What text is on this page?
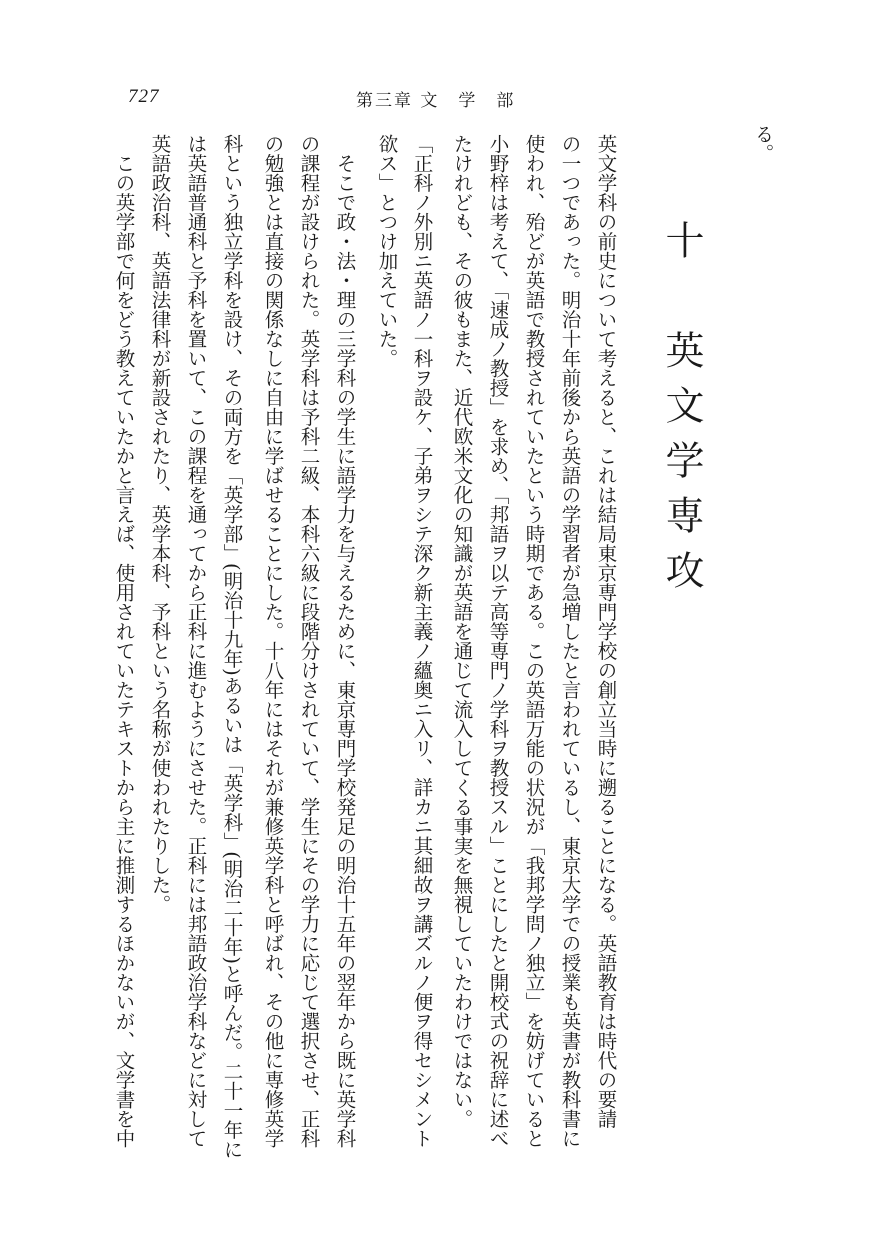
727	第三章 文　学　部
る。
十　英文学専攻
英文学科の前史について考えると、これは結局東京専門学校の創立当時に遡ることになる。英語教育は時代の要請
の一つであった。明治十年前後から英語の学習者が急増したと言われているし、東京大学での授業も英書が教科書に
使われ、殆どが英語で教授されていたという時期である。この英語万能の状況が「我邦学問ノ独立」を妨げていると
小野梓は考えて、「速成ノ教授」を求め、「邦語ヲ以テ高等専門ノ学科ヲ教授スル」ことにしたと開校式の祝辞に述べ
たけれども、その彼もまた、近代欧米文化の知識が英語を通じて流入してくる事実を無視していたわけではない。
「正科ノ外別ニ英語ノ一科ヲ設ケ、子弟ヲシテ深ク新主義ノ蘊奥ニ入リ、詳カニ其細故ヲ講ズルノ便ヲ得セシメント
欲ス」とつけ加えていた。
　そこで政・法・理の三学科の学生に語学力を与えるために、東京専門学校発足の明治十五年の翌年から既に英学科
の課程が設けられた。英学科は予科二級、本科六級に段階分けされていて、学生にその学力に応じて選択させ、正科
の勉強とは直接の関係なしに自由に学ばせることにした。十八年にはそれが兼修英学科と呼ばれ、その他に専修英学
科という独立学科を設け、その両方を「英学部」(明治十九年)あるいは「英学科」(明治二十年)と呼んだ。二十一年に
は英語普通科と予科を置いて、この課程を通ってから正科に進むようにさせた。正科には邦語政治学科などに対して
英語政治科、英語法律科が新設されたり、英学本科、予科という名称が使われたりした。
　この英学部で何をどう教えていたかと言えば、使用されていたテキストから主に推測するほかないが、文学書を中
